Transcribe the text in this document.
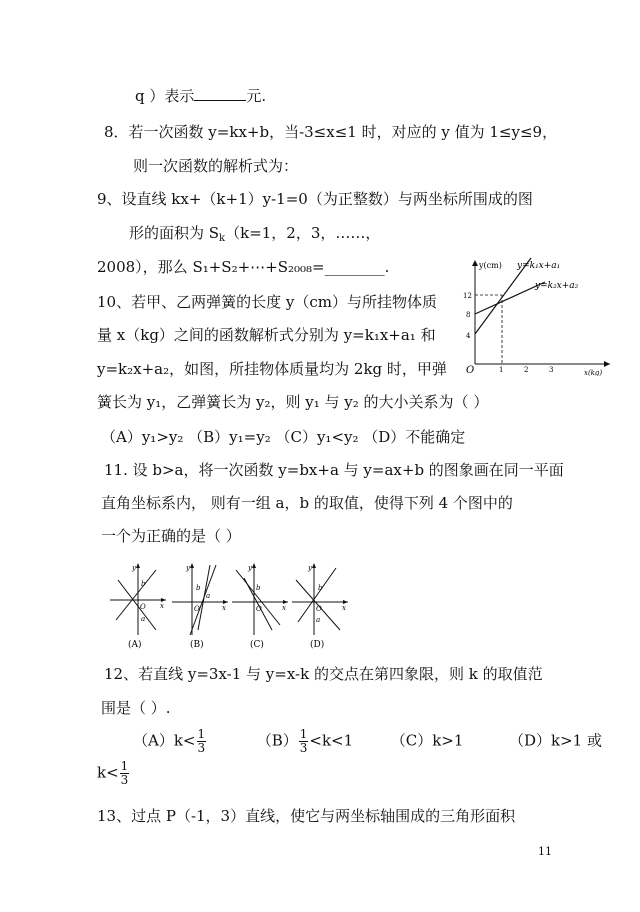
q ）表示	元.
8．若一次函数 y=kx+b，当-3≤x≤1 时，对应的 y 值为 1≤y≤9，
则一次函数的解析式为：
9、设直线 kx+（k+1）y-1=0（为正整数）与两坐标所围成的图
形的面积为 $S_k(k=1$，2，3，……，
2008），那么 S₁+S₂+⋯+S₂₀₀₈=________.
10、若甲、乙两弹簧的长度 y（cm）与所挂物体质
量 x（kg）之间的函数解析式分别为 y=k₁x+a₁ 和
y=k₂x+a₂，如图，所挂物体质量均为 2kg 时，甲弹
簧长为 y₁，乙弹簧长为 y₂，则 y₁ 与 y₂ 的大小关系为（ ）
（A）y₁>y₂ （B）y₁=y₂ （C）y₁<y₂ （D）不能确定
y(cm)
x(kg)
O
12
8
4
1	2	3
y=k₁x+a₁
y=k₂x+a₂
11. 设 b>a，将一次函数 y=bx+a 与 y=ax+b 的图象画在同一平面
直角坐标系内， 则有一组 a，b 的取值，使得下列 4 个图中的
一个为正确的是（ ）
y
x
b
O
a
(A)
y
x
b
a
O
(B)
y
x
b
O
(C)
y
x
b
O
a
(D)
12、若直线 y=3x-1 与 y=x-k 的交点在第四象限，则 k 的取值范
围是（ ）.
$(A)k< \frac{1}{3}$	$(B) \frac{1}{3} <k<1$	（C）k>1	（D）k>1 或
$k< \frac{1}{3}$
13、过点 P（-1，3）直线，使它与两坐标轴围成的三角形面积
11
